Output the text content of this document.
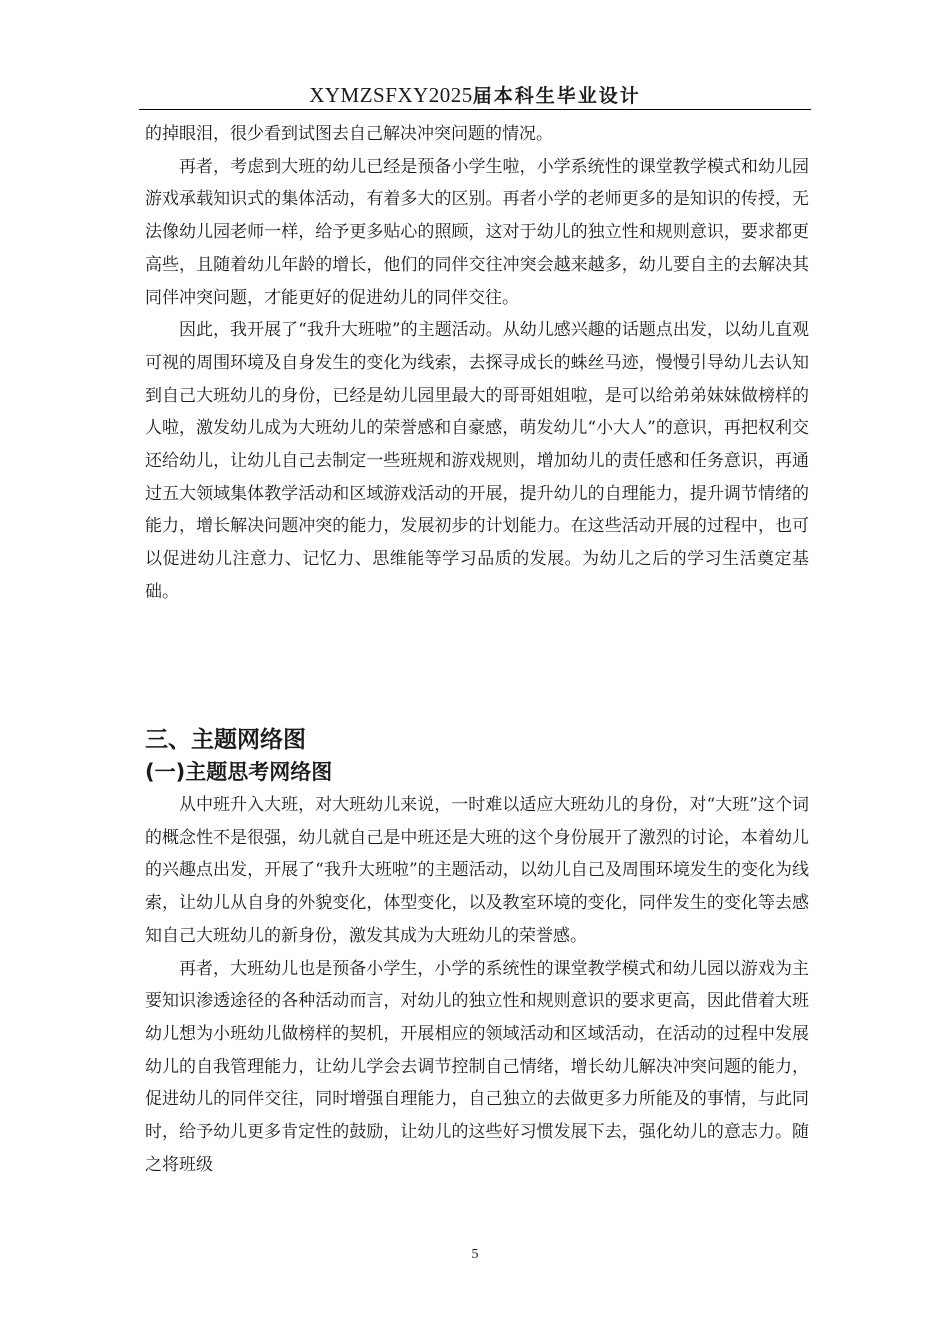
XYMZSFXY2025届本科生毕业设计

的掉眼泪，很少看到试图去自己解决冲突问题的情况。

再者，考虑到大班的幼儿已经是预备小学生啦，小学系统性的课堂教学模式和幼儿园游戏承载知识式的集体活动，有着多大的区别。再者小学的老师更多的是知识的传授，无法像幼儿园老师一样，给予更多贴心的照顾，这对于幼儿的独立性和规则意识，要求都更高些，且随着幼儿年龄的增长，他们的同伴交往冲突会越来越多，幼儿要自主的去解决其同伴冲突问题，才能更好的促进幼儿的同伴交往。

因此，我开展了“我升大班啦”的主题活动。从幼儿感兴趣的话题点出发，以幼儿直观可视的周围环境及自身发生的变化为线索，去探寻成长的蛛丝马迹，慢慢引导幼儿去认知到自己大班幼儿的身份，已经是幼儿园里最大的哥哥姐姐啦，是可以给弟弟妹妹做榜样的人啦，激发幼儿成为大班幼儿的荣誉感和自豪感，萌发幼儿“小大人”的意识，再把权利交还给幼儿，让幼儿自己去制定一些班规和游戏规则，增加幼儿的责任感和任务意识，再通过五大领域集体教学活动和区域游戏活动的开展，提升幼儿的自理能力，提升调节情绪的能力，增长解决问题冲突的能力，发展初步的计划能力。在这些活动开展的过程中，也可以促进幼儿注意力、记忆力、思维能等学习品质的发展。为幼儿之后的学习生活奠定基础。

三、主题网络图
(一)主题思考网络图

从中班升入大班，对大班幼儿来说，一时难以适应大班幼儿的身份，对“大班”这个词的概念性不是很强，幼儿就自己是中班还是大班的这个身份展开了激烈的讨论，本着幼儿的兴趣点出发，开展了“我升大班啦”的主题活动，以幼儿自己及周围环境发生的变化为线索，让幼儿从自身的外貌变化，体型变化，以及教室环境的变化，同伴发生的变化等去感知自己大班幼儿的新身份，激发其成为大班幼儿的荣誉感。

再者，大班幼儿也是预备小学生，小学的系统性的课堂教学模式和幼儿园以游戏为主要知识渗透途径的各种活动而言，对幼儿的独立性和规则意识的要求更高，因此借着大班幼儿想为小班幼儿做榜样的契机，开展相应的领域活动和区域活动，在活动的过程中发展幼儿的自我管理能力，让幼儿学会去调节控制自己情绪，增长幼儿解决冲突问题的能力，促进幼儿的同伴交往，同时增强自理能力，自己独立的去做更多力所能及的事情，与此同时，给予幼儿更多肯定性的鼓励，让幼儿的这些好习惯发展下去，强化幼儿的意志力。随之将班级

5
